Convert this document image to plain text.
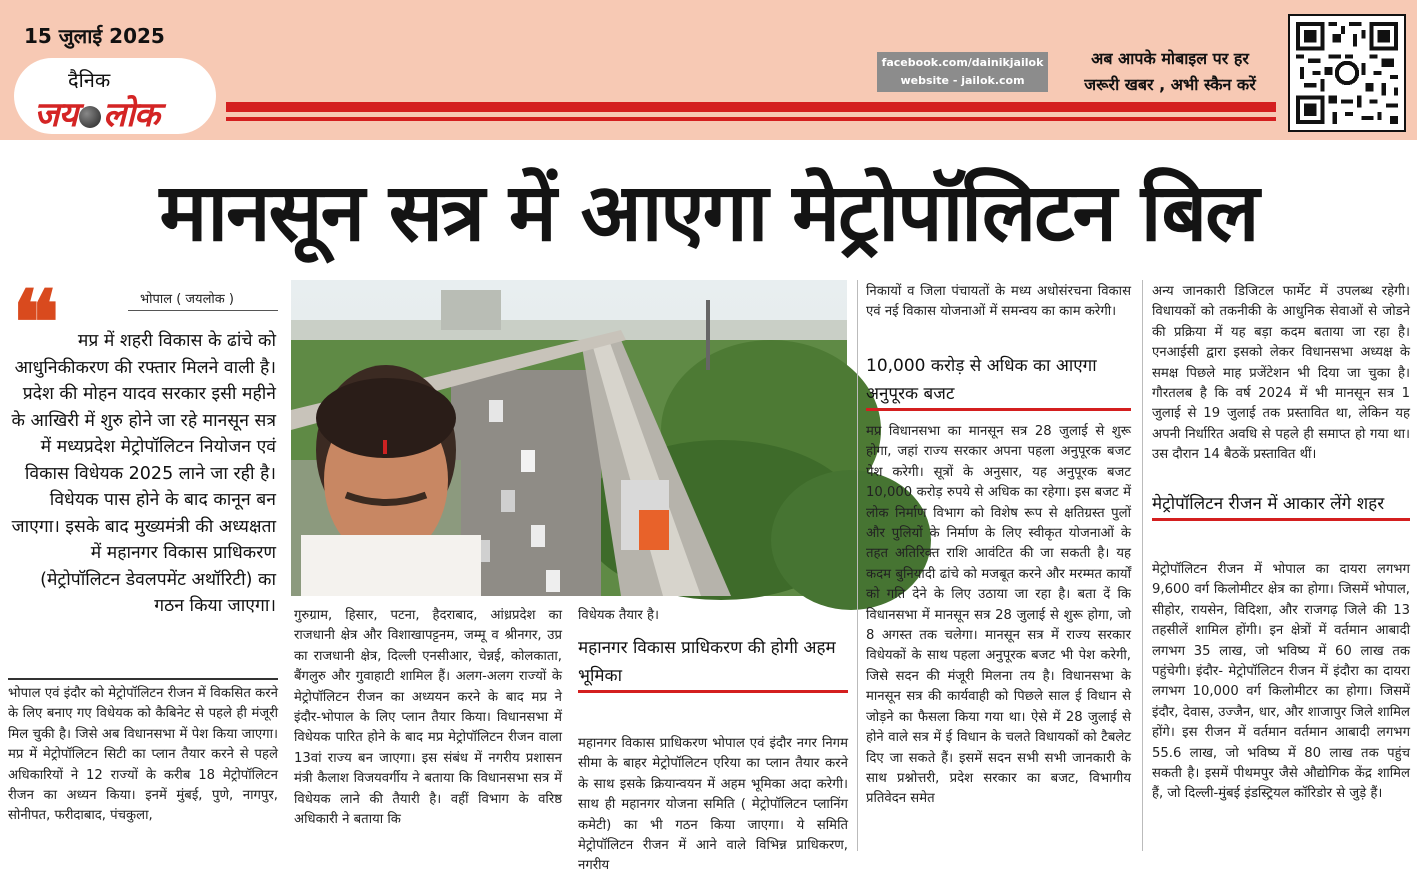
15 जुलाई 2025
दैनिक
जय लोक
facebook.com/dainikjailok
website - jailok.com
अब आपके मोबाइल पर हर
जरूरी खबर , अभी स्कैन करें
मानसून सत्र में आएगा मेट्रोपॉलिटन बिल
❝	भोपाल ( जयलोक )

मप्र में शहरी विकास के ढांचे को आधुनिकीकरण की रफ्तार मिलने वाली है। प्रदेश की मोहन यादव सरकार इसी महीने के आखिरी में शुरु होने जा रहे मानसून सत्र में मध्यप्रदेश मेट्रोपॉलिटन नियोजन एवं विकास विधेयक 2025 लाने जा रही है। विधेयक पास होने के बाद कानून बन जाएगा। इसके बाद मुख्यमंत्री की अध्यक्षता में महानगर विकास प्राधिकरण (मेट्रोपॉलिटन डेवलपमेंट अथॉरिटी) का गठन किया जाएगा।

भोपाल एवं इंदौर को मेट्रोपॉलिटन रीजन में विकसित करने के लिए बनाए गए विधेयक को कैबिनेट से पहले ही मंजूरी मिल चुकी है। जिसे अब विधानसभा में पेश किया जाएगा। मप्र में मेट्रोपॉलिटन सिटी का प्लान तैयार करने से पहले अधिकारियों ने 12 राज्यों के करीब 18 मेट्रोपॉलिटन रीजन का अध्यन किया। इनमें मुंबई, पुणे, नागपुर, सोनीपत, फरीदाबाद, पंचकुला,

गुरुग्राम, हिसार, पटना, हैदराबाद, आंध्रप्रदेश का राजधानी क्षेत्र और विशाखापट्टनम, जम्मू व श्रीनगर, उप्र का राजधानी क्षेत्र, दिल्ली एनसीआर, चेन्नई, कोलकाता, बैंगलुरु और गुवाहाटी शामिल हैं। अलग-अलग राज्यों के मेट्रोपॉलिटन रीजन का अध्ययन करने के बाद मप्र ने इंदौर-भोपाल के लिए प्लान तैयार किया। विधानसभा में विधेयक पारित होने के बाद मप्र मेट्रोपॉलिटन रीजन वाला 13वां राज्य बन जाएगा। इस संबंध में नगरीय प्रशासन मंत्री कैलाश विजयवर्गीय ने बताया कि विधानसभा सत्र में विधेयक लाने की तैयारी है। वहीं विभाग के वरिष्ठ अधिकारी ने बताया कि

विधेयक तैयार है।

महानगर विकास प्राधिकरण की होगी अहम भूमिका

महानगर विकास प्राधिकरण भोपाल एवं इंदौर नगर निगम सीमा के बाहर मेट्रोपॉलिटन एरिया का प्लान तैयार करने के साथ इसके क्रियान्वयन में अहम भूमिका अदा करेगी। साथ ही महानगर योजना समिति ( मेट्रोपॉलिटन प्लानिंग कमेटी) का भी गठन किया जाएगा। ये समिति मेट्रोपॉलिटन रीजन में आने वाले विभिन्न प्राधिकरण, नगरीय

निकायों व जिला पंचायतों के मध्य अधोसंरचना विकास एवं नई विकास योजनाओं में समन्वय का काम करेगी।

10,000 करोड़ से अधिक का आएगा अनुपूरक बजट

मप्र विधानसभा का मानसून सत्र 28 जुलाई से शुरू होगा, जहां राज्य सरकार अपना पहला अनुपूरक बजट पेश करेगी। सूत्रों के अनुसार, यह अनुपूरक बजट 10,000 करोड़ रुपये से अधिक का रहेगा। इस बजट में लोक निर्माण विभाग को विशेष रूप से क्षतिग्रस्त पुलों और पुलियों के निर्माण के लिए स्वीकृत योजनाओं के तहत अतिरिक्त राशि आवंटित की जा सकती है। यह कदम बुनियादी ढांचे को मजबूत करने और मरम्मत कार्यों को गति देने के लिए उठाया जा रहा है। बता दें कि विधानसभा में मानसून सत्र 28 जुलाई से शुरू होगा, जो 8 अगस्त तक चलेगा। मानसून सत्र में राज्य सरकार विधेयकों के साथ पहला अनुपूरक बजट भी पेश करेगी, जिसे सदन की मंजूरी मिलना तय है। विधानसभा के मानसून सत्र की कार्यवाही को पिछले साल ई विधान से जोड़ने का फैसला किया गया था। ऐसे में 28 जुलाई से होने वाले सत्र में ई विधान के चलते विधायकों को टैबलेट दिए जा सकते हैं। इसमें सदन सभी सभी जानकारी के साथ प्रश्नोत्तरी, प्रदेश सरकार का बजट, विभागीय प्रतिवेदन समेत

अन्य जानकारी डिजिटल फार्मेट में उपलब्ध रहेगी। विधायकों को तकनीकी के आधुनिक सेवाओं से जोडने की प्रक्रिया में यह बड़ा कदम बताया जा रहा है। एनआईसी द्वारा इसको लेकर विधानसभा अध्यक्ष के समक्ष पिछले माह प्रजेंटेशन भी दिया जा चुका है। गौरतलब है कि वर्ष 2024 में भी मानसून सत्र 1 जुलाई से 19 जुलाई तक प्रस्तावित था, लेकिन यह अपनी निर्धारित अवधि से पहले ही समाप्त हो गया था। उस दौरान 14 बैठकें प्रस्तावित थीं।

मेट्रोपॉलिटन रीजन में आकार लेंगे शहर

मेट्रोपॉलिटन रीजन में भोपाल का दायरा लगभग 9,600 वर्ग किलोमीटर क्षेत्र का होगा। जिसमें भोपाल, सीहोर, रायसेन, विदिशा, और राजगढ़ जिले की 13 तहसीलें शामिल होंगी। इन क्षेत्रों में वर्तमान आबादी लगभग 35 लाख, जो भविष्य में 60 लाख तक पहुंचेगी। इंदौर- मेट्रोपॉलिटन रीजन में इंदौरा का दायरा लगभग 10,000 वर्ग किलोमीटर का होगा। जिसमें इंदौर, देवास, उज्जैन, धार, और शाजापुर जिले शामिल होंगे। इस रीजन में वर्तमान वर्तमान आबादी लगभग 55.6 लाख, जो भविष्य में 80 लाख तक पहुंच सकती है। इसमें पीथमपुर जैसे औद्योगिक केंद्र शामिल हैं, जो दिल्ली-मुंबई इंडस्ट्रियल कॉरिडोर से जुड़े हैं।
